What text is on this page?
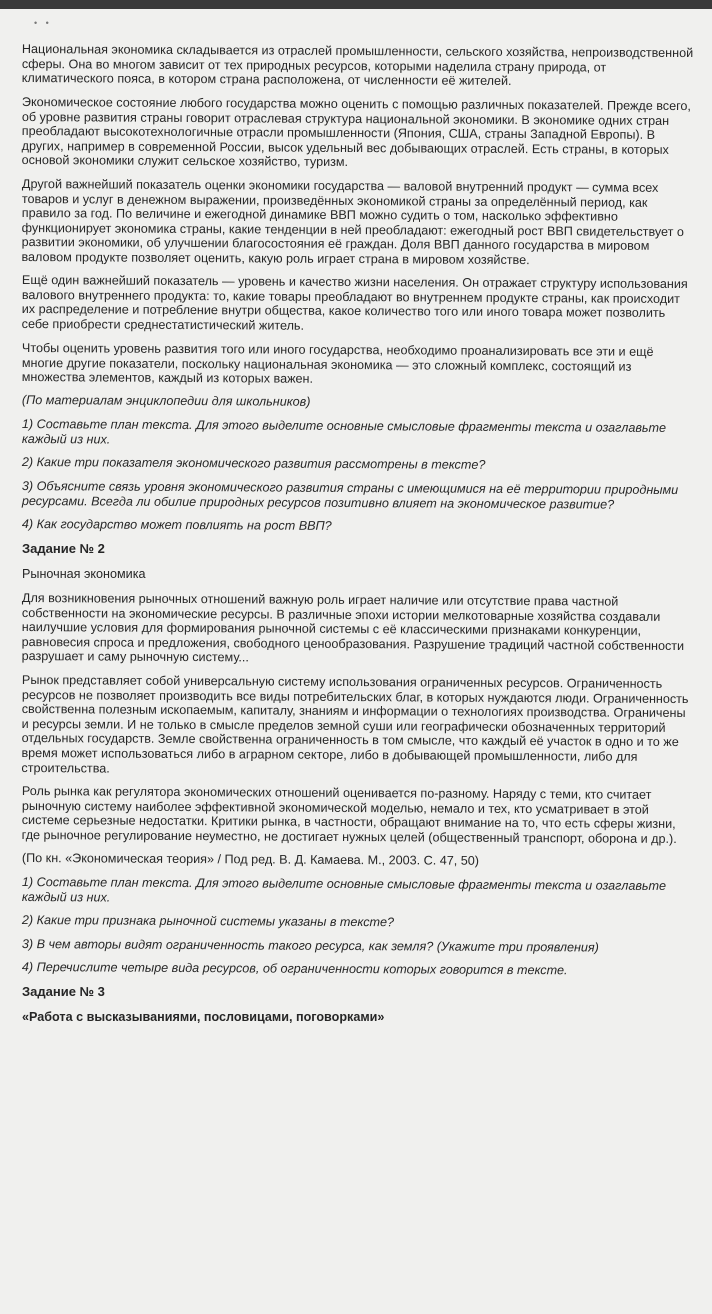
• •

Национальная экономика складывается из отраслей промышленности, сельского хозяйства, непроизводственной сферы. Она во многом зависит от тех природных ресурсов, которыми наделила страну природа, от климатического пояса, в котором страна расположена, от численности её жителей.

Экономическое состояние любого государства можно оценить с помощью различных показателей. Прежде всего, об уровне развития страны говорит отраслевая структура национальной экономики. В экономике одних стран преобладают высокотехнологичные отрасли промышленности (Япония, США, страны Западной Европы). В других, например в современной России, высок удельный вес добывающих отраслей. Есть страны, в которых основой экономики служит сельское хозяйство, туризм.

Другой важнейший показатель оценки экономики государства — валовой внутренний продукт — сумма всех товаров и услуг в денежном выражении, произведённых экономикой страны за определённый период, как правило за год. По величине и ежегодной динамике ВВП можно судить о том, насколько эффективно функционирует экономика страны, какие тенденции в ней преобладают: ежегодный рост ВВП свидетельствует о развитии экономики, об улучшении благосостояния её граждан. Доля ВВП данного государства в мировом валовом продукте позволяет оценить, какую роль играет страна в мировом хозяйстве.

Ещё один важнейший показатель — уровень и качество жизни населения. Он отражает структуру использования валового внутреннего продукта: то, какие товары преобладают во внутреннем продукте страны, как происходит их распределение и потребление внутри общества, какое количество того или иного товара может позволить себе приобрести среднестатистический житель.

Чтобы оценить уровень развития того или иного государства, необходимо проанализировать все эти и ещё многие другие показатели, поскольку национальная экономика — это сложный комплекс, состоящий из множества элементов, каждый из которых важен.

(По материалам энциклопедии для школьников)

1) Составьте план текста. Для этого выделите основные смысловые фрагменты текста и озаглавьте каждый из них.

2) Какие три показателя экономического развития рассмотрены в тексте?

3) Объясните связь уровня экономического развития страны с имеющимися на её территории природными ресурсами. Всегда ли обилие природных ресурсов позитивно влияет на экономическое развитие?

4) Как государство может повлиять на рост ВВП?

Задание № 2
Рыночная экономика

Для возникновения рыночных отношений важную роль играет наличие или отсутствие права частной собственности на экономические ресурсы. В различные эпохи истории мелкотоварные хозяйства создавали наилучшие условия для формирования рыночной системы с её классическими признаками конкуренции, равновесия спроса и предложения, свободного ценообразования. Разрушение традиций частной собственности разрушает и саму рыночную систему...

Рынок представляет собой универсальную систему использования ограниченных ресурсов. Ограниченность ресурсов не позволяет производить все виды потребительских благ, в которых нуждаются люди. Ограниченность свойственна полезным ископаемым, капиталу, знаниям и информации о технологиях производства. Ограничены и ресурсы земли. И не только в смысле пределов земной суши или географически обозначенных территорий отдельных государств. Земле свойственна ограниченность в том смысле, что каждый её участок в одно и то же время может использоваться либо в аграрном секторе, либо в добывающей промышленности, либо для строительства.

Роль рынка как регулятора экономических отношений оценивается по-разному. Наряду с теми, кто считает рыночную систему наиболее эффективной экономической моделью, немало и тех, кто усматривает в этой системе серьезные недостатки. Критики рынка, в частности, обращают внимание на то, что есть сферы жизни, где рыночное регулирование неуместно, не достигает нужных целей (общественный транспорт, оборона и др.).

(По кн. «Экономическая теория» / Под ред. В. Д. Камаева. М., 2003. С. 47, 50)

1) Составьте план текста. Для этого выделите основные смысловые фрагменты текста и озаглавьте каждый из них.

2) Какие три признака рыночной системы указаны в тексте?

3) В чем авторы видят ограниченность такого ресурса, как земля? (Укажите три проявления)

4) Перечислите четыре вида ресурсов, об ограниченности которых говорится в тексте.

Задание № 3
«Работа с высказываниями, пословицами, поговорками»
